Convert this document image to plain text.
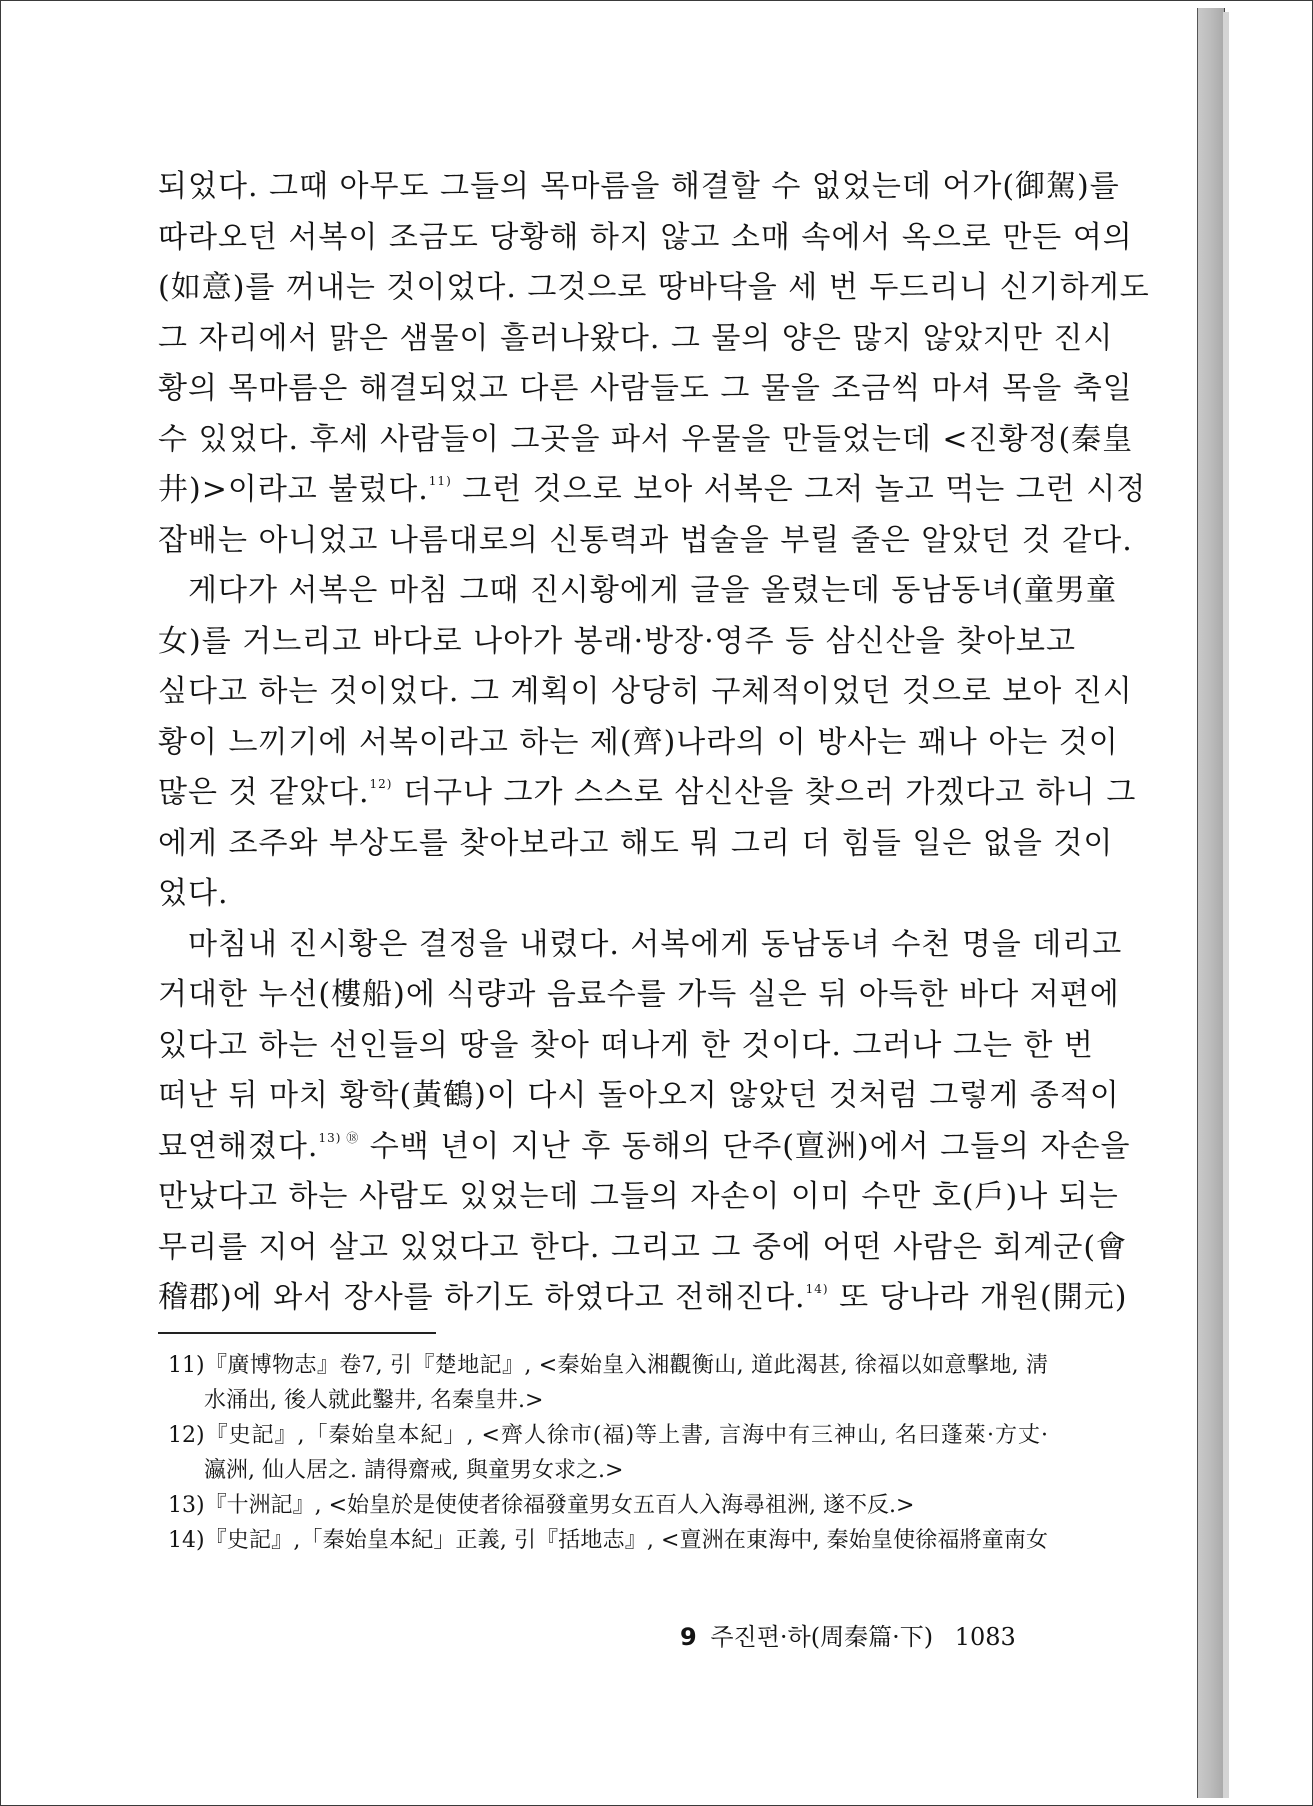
되었다. 그때 아무도 그들의 목마름을 해결할 수 없었는데 어가(御駕)를
따라오던 서복이 조금도 당황해 하지 않고 소매 속에서 옥으로 만든 여의
(如意)를 꺼내는 것이었다. 그것으로 땅바닥을 세 번 두드리니 신기하게도
그 자리에서 맑은 샘물이 흘러나왔다. 그 물의 양은 많지 않았지만 진시
황의 목마름은 해결되었고 다른 사람들도 그 물을 조금씩 마셔 목을 축일
수 있었다. 후세 사람들이 그곳을 파서 우물을 만들었는데 <진황정(秦皇
井)>이라고 불렀다.$^{11)}$ 그런 것으로 보아 서복은 그저 놀고 먹는 그런 시정
잡배는 아니었고 나름대로의 신통력과 법술을 부릴 줄은 알았던 것 같다.
게다가 서복은 마침 그때 진시황에게 글을 올렸는데 동남동녀(童男童
女)를 거느리고 바다로 나아가 봉래·방장·영주 등 삼신산을 찾아보고
싶다고 하는 것이었다. 그 계획이 상당히 구체적이었던 것으로 보아 진시
황이 느끼기에 서복이라고 하는 제(齊)나라의 이 방사는 꽤나 아는 것이
많은 것 같았다.$^{12)}$ 더구나 그가 스스로 삼신산을 찾으러 가겠다고 하니 그
에게 조주와 부상도를 찾아보라고 해도 뭐 그리 더 힘들 일은 없을 것이
었다.
마침내 진시황은 결정을 내렸다. 서복에게 동남동녀 수천 명을 데리고
거대한 누선(樓船)에 식량과 음료수를 가득 실은 뒤 아득한 바다 저편에
있다고 하는 선인들의 땅을 찾아 떠나게 한 것이다. 그러나 그는 한 번
떠난 뒤 마치 황학(黃鶴)이 다시 돌아오지 않았던 것처럼 그렇게 종적이
묘연해졌다.$^{13) ⑱}$ 수백 년이 지난 후 동해의 단주(亶洲)에서 그들의 자손을
만났다고 하는 사람도 있었는데 그들의 자손이 이미 수만 호(戶)나 되는
무리를 지어 살고 있었다고 한다. 그리고 그 중에 어떤 사람은 회계군(會
稽郡)에 와서 장사를 하기도 하였다고 전해진다.$^{14)}$ 또 당나라 개원(開元)
11)『廣博物志』卷7, 引『楚地記』, <秦始皇入湘觀衡山, 道此渴甚, 徐福以如意擊地, 淸
水涌出, 後人就此鑿井, 名秦皇井.>
12)『史記』,「秦始皇本紀」, <齊人徐市(福)等上書, 言海中有三神山, 名曰蓬萊·方丈·
瀛洲, 仙人居之. 請得齋戒, 與童男女求之.>
13)『十洲記』, <始皇於是使使者徐福發童男女五百人入海尋祖洲, 遂不反.>
14)『史記』,「秦始皇本紀」正義, 引『括地志』, <亶洲在東海中, 秦始皇使徐福將童南女
9 주진편·하(周秦篇·下) 1083
